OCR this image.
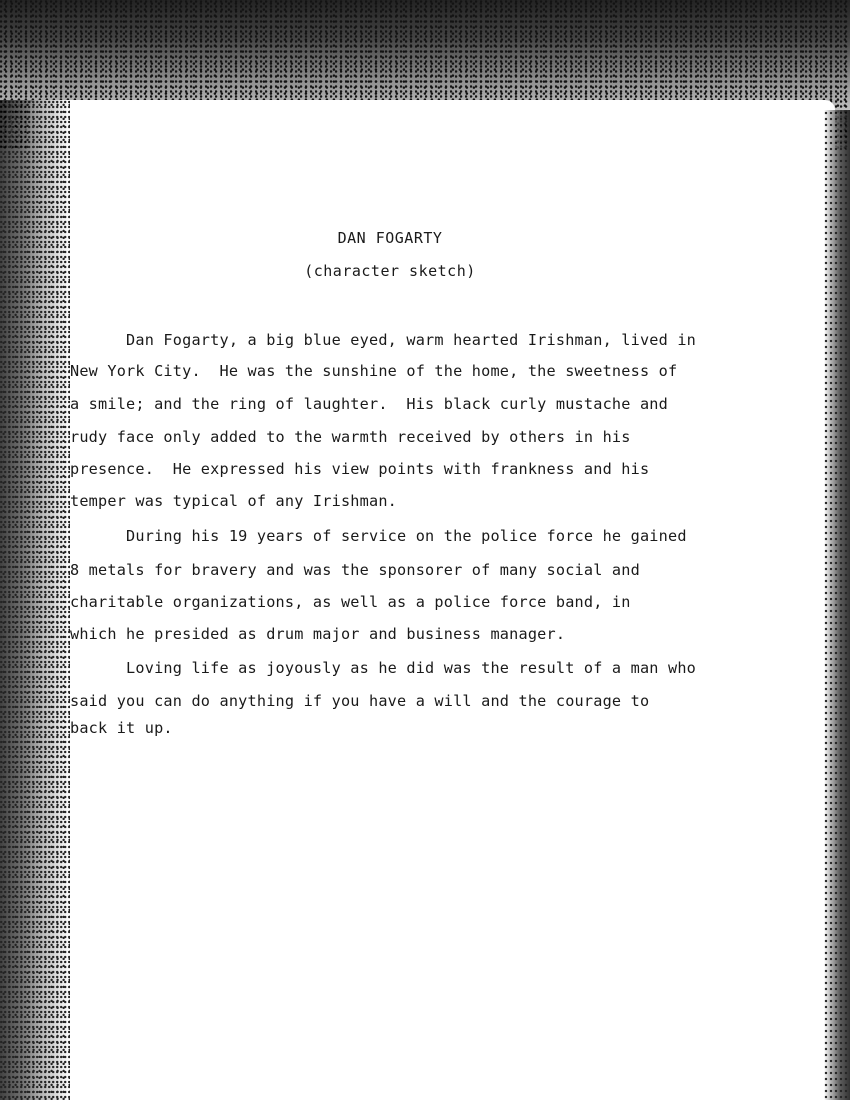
DAN FOGARTY
(character sketch)
Dan Fogarty, a big blue eyed, warm hearted Irishman, lived in
New York City.  He was the sunshine of the home, the sweetness of
a smile; and the ring of laughter.  His black curly mustache and
rudy face only added to the warmth received by others in his
presence.  He expressed his view points with frankness and his
temper was typical of any Irishman.
During his 19 years of service on the police force he gained
8 metals for bravery and was the sponsorer of many social and
charitable organizations, as well as a police force band, in
which he presided as drum major and business manager.
Loving life as joyously as he did was the result of a man who
said you can do anything if you have a will and the courage to
back it up.
